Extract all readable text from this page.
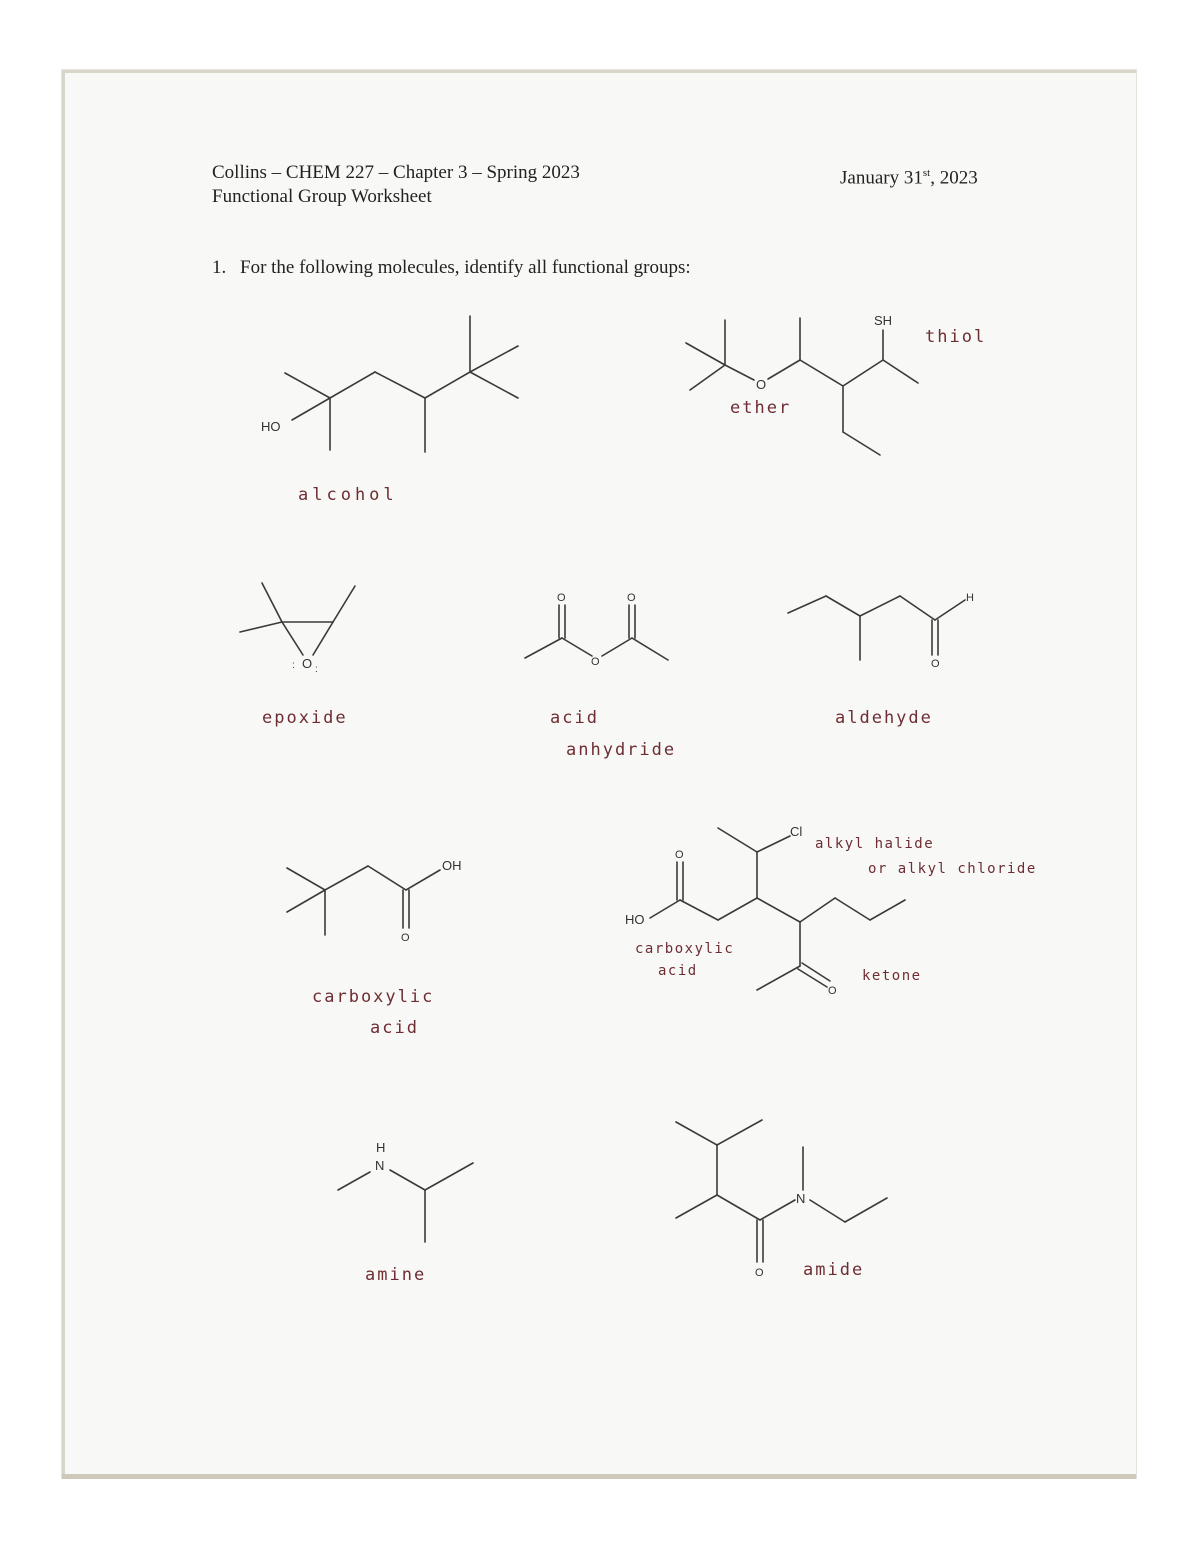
Collins – CHEM 227 – Chapter 3 – Spring 2023
Functional Group Worksheet
January 31st, 2023
1. For the following molecules, identify all functional groups:
HO
O
SH
O
: :
O
O
O	H
O
OH
O
HO
O
Cl
O
H
N
N
O
alcohol
ether
thiol
epoxide	acid
anhydride
aldehyde
carboxylic
acid
alkyl halide
or alkyl chloride
carboxylic
acid	ketone
amine	amide
